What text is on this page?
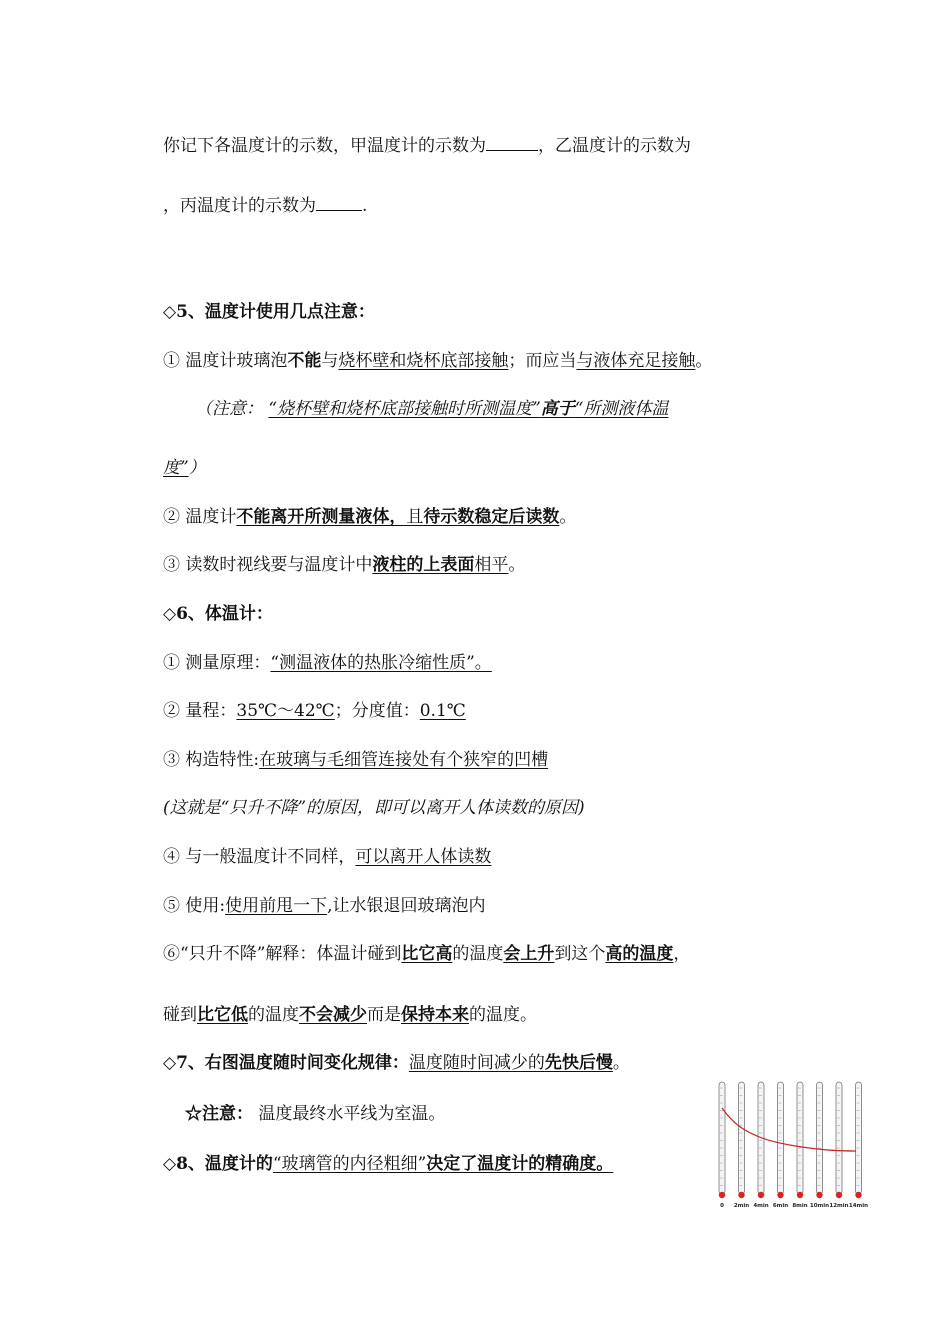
你记下各温度计的示数，甲温度计的示数为	，乙温度计的示数为
，丙温度计的示数为	.
◇5、温度计使用几点注意：
① 温度计玻璃泡不能与烧杯壁和烧杯底部接触；而应当与液体充足接触。
（注意： “烧杯壁和烧杯底部接触时所测温度”高于“所测液体温
度”）
② 温度计不能离开所测量液体，且待示数稳定后读数。
③ 读数时视线要与温度计中液柱的上表面相平。
◇6、体温计：
① 测量原理：“测温液体的热胀冷缩性质”。
② 量程：35℃～42℃；分度值：0.1℃
③ 构造特性:在玻璃与毛细管连接处有个狭窄的凹槽
(这就是“只升不降”的原因，即可以离开人体读数的原因)
④ 与一般温度计不同样，可以离开人体读数
⑤ 使用:使用前甩一下,让水银退回玻璃泡内
⑥“只升不降”解释：体温计碰到比它高的温度会上升到这个高的温度，
碰到比它低的温度不会减少而是保持本来的温度。
◇7、右图温度随时间变化规律：温度随时间减少的先快后慢。
☆注意： 温度最终水平线为室温。
◇8、温度计的“玻璃管的内径粗细”决定了温度计的精确度。
0 2min 4min 6min 8min 10min 12min 14min
